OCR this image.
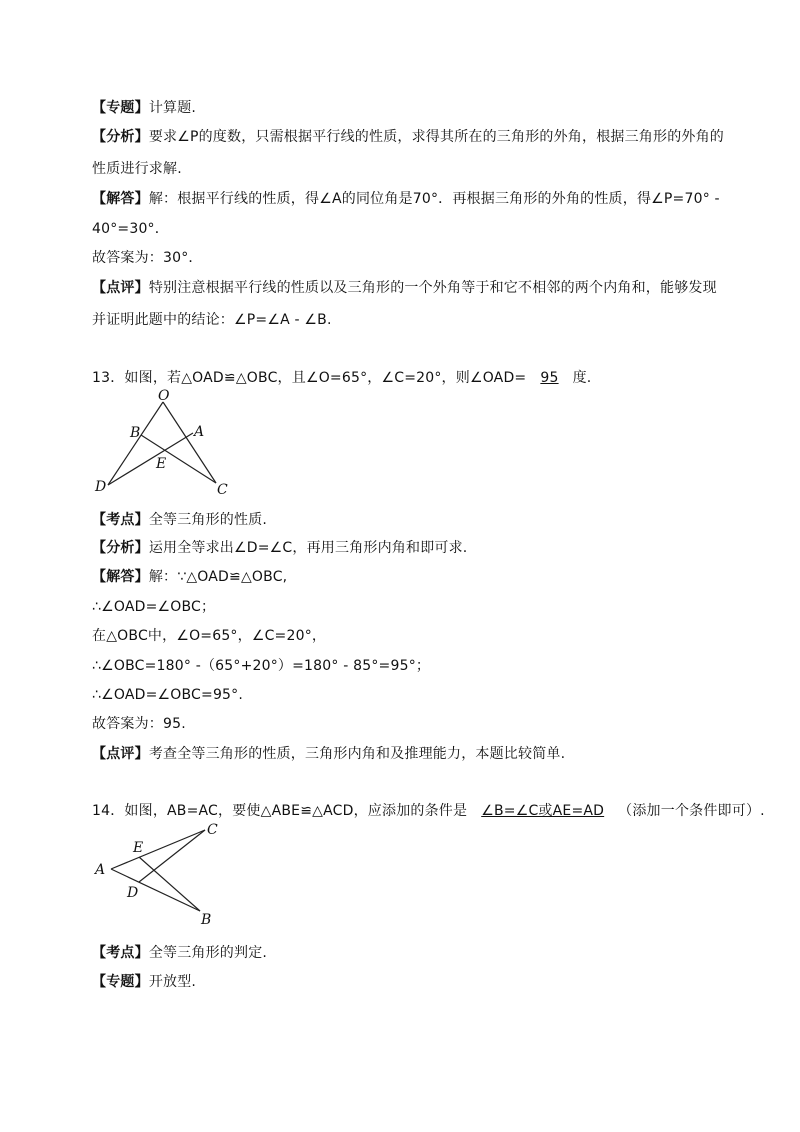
【专题】计算题.
【分析】要求∠P的度数，只需根据平行线的性质，求得其所在的三角形的外角，根据三角形的外角的
性质进行求解.
【解答】解：根据平行线的性质，得∠A的同位角是70°．再根据三角形的外角的性质，得∠P=70° -
40°=30°．
故答案为：30°．
【点评】特别注意根据平行线的性质以及三角形的一个外角等于和它不相邻的两个内角和，能够发现
并证明此题中的结论：∠P=∠A - ∠B.
13．如图，若△OAD≌△OBC，且∠O=65°，∠C=20°，则∠OAD= 95 度.
O
B	A
E
D	C
【考点】全等三角形的性质.
【分析】运用全等求出∠D=∠C，再用三角形内角和即可求.
【解答】解：∵△OAD≌△OBC,
∴∠OAD=∠OBC；
在△OBC中，∠O=65°，∠C=20°，
∴∠OBC=180° -（65°+20°）=180° - 85°=95°；
∴∠OAD=∠OBC=95°.
故答案为：95.
【点评】考查全等三角形的性质，三角形内角和及推理能力，本题比较简单.
14．如图，AB=AC，要使△ABE≌△ACD，应添加的条件是 ∠B=∠C或AE=AD （添加一个条件即可）.
C
E
A
D
B
【考点】全等三角形的判定.
【专题】开放型.
